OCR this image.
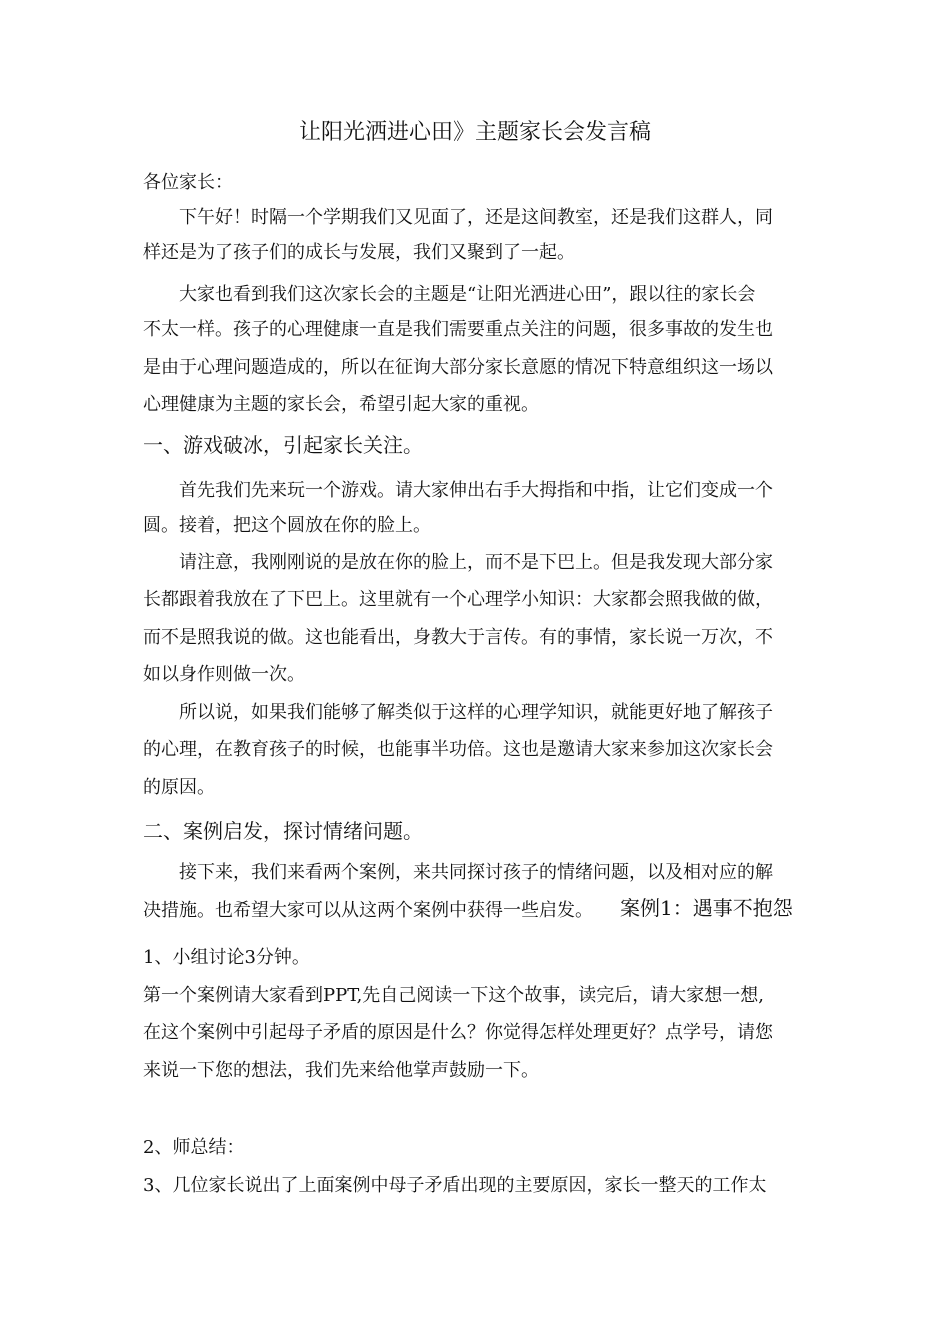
让阳光洒进心田》主题家长会发言稿
各位家长：
下午好！时隔一个学期我们又见面了，还是这间教室，还是我们这群人，同
样还是为了孩子们的成长与发展，我们又聚到了一起。
大家也看到我们这次家长会的主题是“让阳光洒进心田”，跟以往的家长会
不太一样。孩子的心理健康一直是我们需要重点关注的问题，很多事故的发生也
是由于心理问题造成的，所以在征询大部分家长意愿的情况下特意组织这一场以
心理健康为主题的家长会，希望引起大家的重视。
一、游戏破冰，引起家长关注。
首先我们先来玩一个游戏。请大家伸出右手大拇指和中指，让它们变成一个
圆。接着，把这个圆放在你的脸上。
请注意，我刚刚说的是放在你的脸上，而不是下巴上。但是我发现大部分家
长都跟着我放在了下巴上。这里就有一个心理学小知识：大家都会照我做的做，
而不是照我说的做。这也能看出，身教大于言传。有的事情，家长说一万次，不
如以身作则做一次。
所以说，如果我们能够了解类似于这样的心理学知识，就能更好地了解孩子
的心理，在教育孩子的时候，也能事半功倍。这也是邀请大家来参加这次家长会
的原因。
二、案例启发，探讨情绪问题。
接下来，我们来看两个案例，来共同探讨孩子的情绪问题，以及相对应的解
决措施。也希望大家可以从这两个案例中获得一些启发。	案例1：遇事不抱怨
1、小组讨论3分钟。
第一个案例请大家看到PPT,先自己阅读一下这个故事，读完后，请大家想一想,
在这个案例中引起母子矛盾的原因是什么？你觉得怎样处理更好？点学号，请您
来说一下您的想法，我们先来给他掌声鼓励一下。
2、师总结：
3、几位家长说出了上面案例中母子矛盾出现的主要原因，家长一整天的工作太
